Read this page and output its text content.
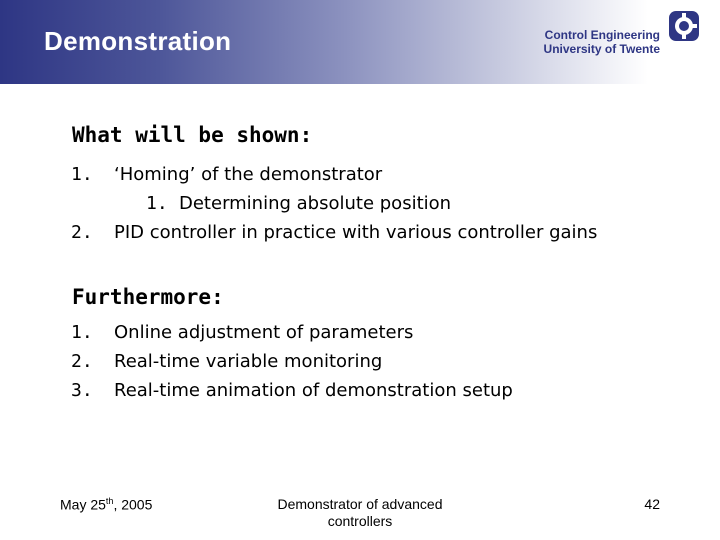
Demonstration	Control Engineering
University of Twente
What will be shown:
1. ‘Homing’ of the demonstrator
1. Determining absolute position
2. PID controller in practice with various controller gains
Furthermore:
1. Online adjustment of parameters
2. Real-time variable monitoring
3. Real-time animation of demonstration setup
May 25th, 2005	Demonstrator of advanced controllers
42
